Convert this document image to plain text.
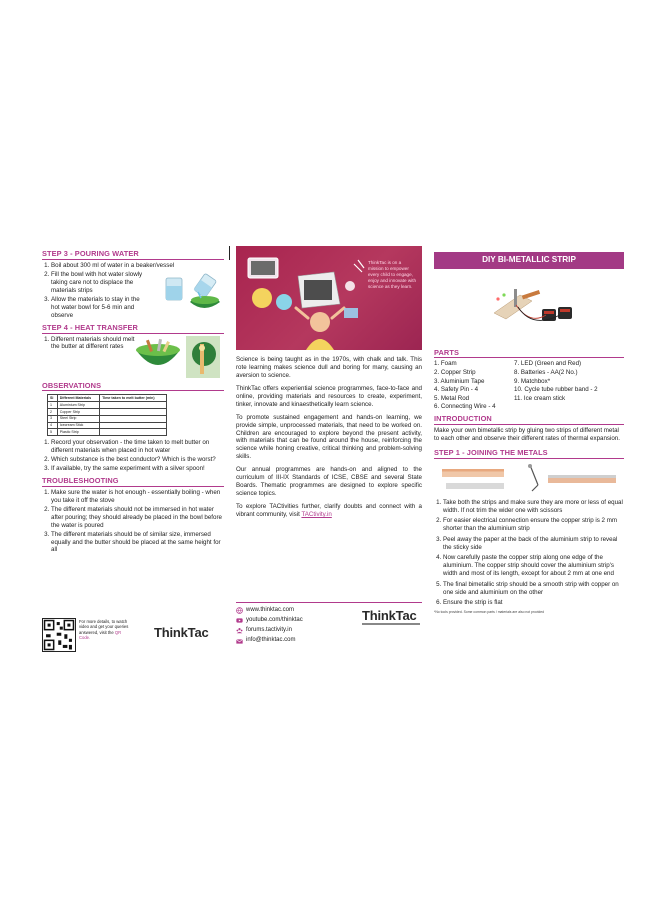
STEP 3 - POURING WATER
1. Boil about 300 ml of water in a beaker/vessel
2. Fill the bowl with hot water slowly taking care not to displace the materials strips
3. Allow the materials to stay in the hot water bowl for 5-6 min and observe
STEP 4 - HEAT TRANSFER
1. Different materials should melt the butter at different rates
OBSERVATIONS
Sl	Different Materials	Time taken to melt butter (min)
1	Aluminium Strip	
2	Copper Strip	
3	Steel Strip	
4	Icecream Stick	
5	Plastic Strip	
1. Record your observation - the time taken to melt butter on different materials when placed in hot water
2. Which substance is the best conductor? Which is the worst?
3. If available, try the same experiment with a silver spoon!
TROUBLESHOOTING
1. Make sure the water is hot enough - essentially boiling - when you take it off the stove
2. The different materials should not be immersed in hot water after pouring; they should already be placed in the bowl before the water is poured
3. The different materials should be of similar size, immersed equally and the butter should be placed at the same height for all
For more details, to watch video and get your queries answered, visit the QR Code.	ThinkTac
ThinkTac is on a mission to empower every child to engage, enjoy and innovate with science as they learn.

Science is being taught as in the 1970s, with chalk and talk. This rote learning makes science dull and boring for many, causing an aversion to science.

ThinkTac offers experiential science programmes, face-to-face and online, providing materials and resources to create, experiment, tinker, innovate and kinaesthetically learn science.

To promote sustained engagement and hands-on learning, we provide simple, unprocessed materials, that need to be worked on. Children are encouraged to explore beyond the present activity, with materials that can be found around the house, reinforcing the science while honing creative, critical thinking and problem-solving skills.

Our annual programmes are hands-on and aligned to the curriculum of III-IX Standards of ICSE, CBSE and several State Boards. Thematic programmes are designed to explore specific science topics.

To explore TACtivities further, clarify doubts and connect with a vibrant community, visit TACtivity.in

www.thinktac.com
youtube.com/thinktac
forums.tactivity.in
info@thinktac.com
ThinkTac
DIY BI-METALLIC STRIP
PARTS
1. Foam	7. LED (Green and Red)
2. Copper Strip	8. Batteries - AA(2 No.)
3. Aluminium Tape	9. Matchbox*
4. Safety Pin - 4	10. Cycle tube rubber band - 2
5. Metal Rod	11. Ice cream stick
6. Connecting Wire - 4
INTRODUCTION

Make your own bimetallic strip by gluing two strips of different metal to each other and observe their different rates of thermal expansion.

STEP 1 - JOINING THE METALS
1. Take both the strips and make sure they are more or less of equal width. If not trim the wider one with scissors
2. For easier electrical connection ensure the copper strip is 2 mm shorter than the aluminium strip
3. Peel away the paper at the back of the aluminium strip to reveal the sticky side
4. Now carefully paste the copper strip along one edge of the aluminium. The copper strip should cover the aluminium strip's width and most of its length, except for about 2 mm at one end
5. The final bimetallic strip should be a smooth strip with copper on one side and aluminium on the other
6. Ensure the strip is flat
*No tools provided. Some common parts / materials are also not provided
